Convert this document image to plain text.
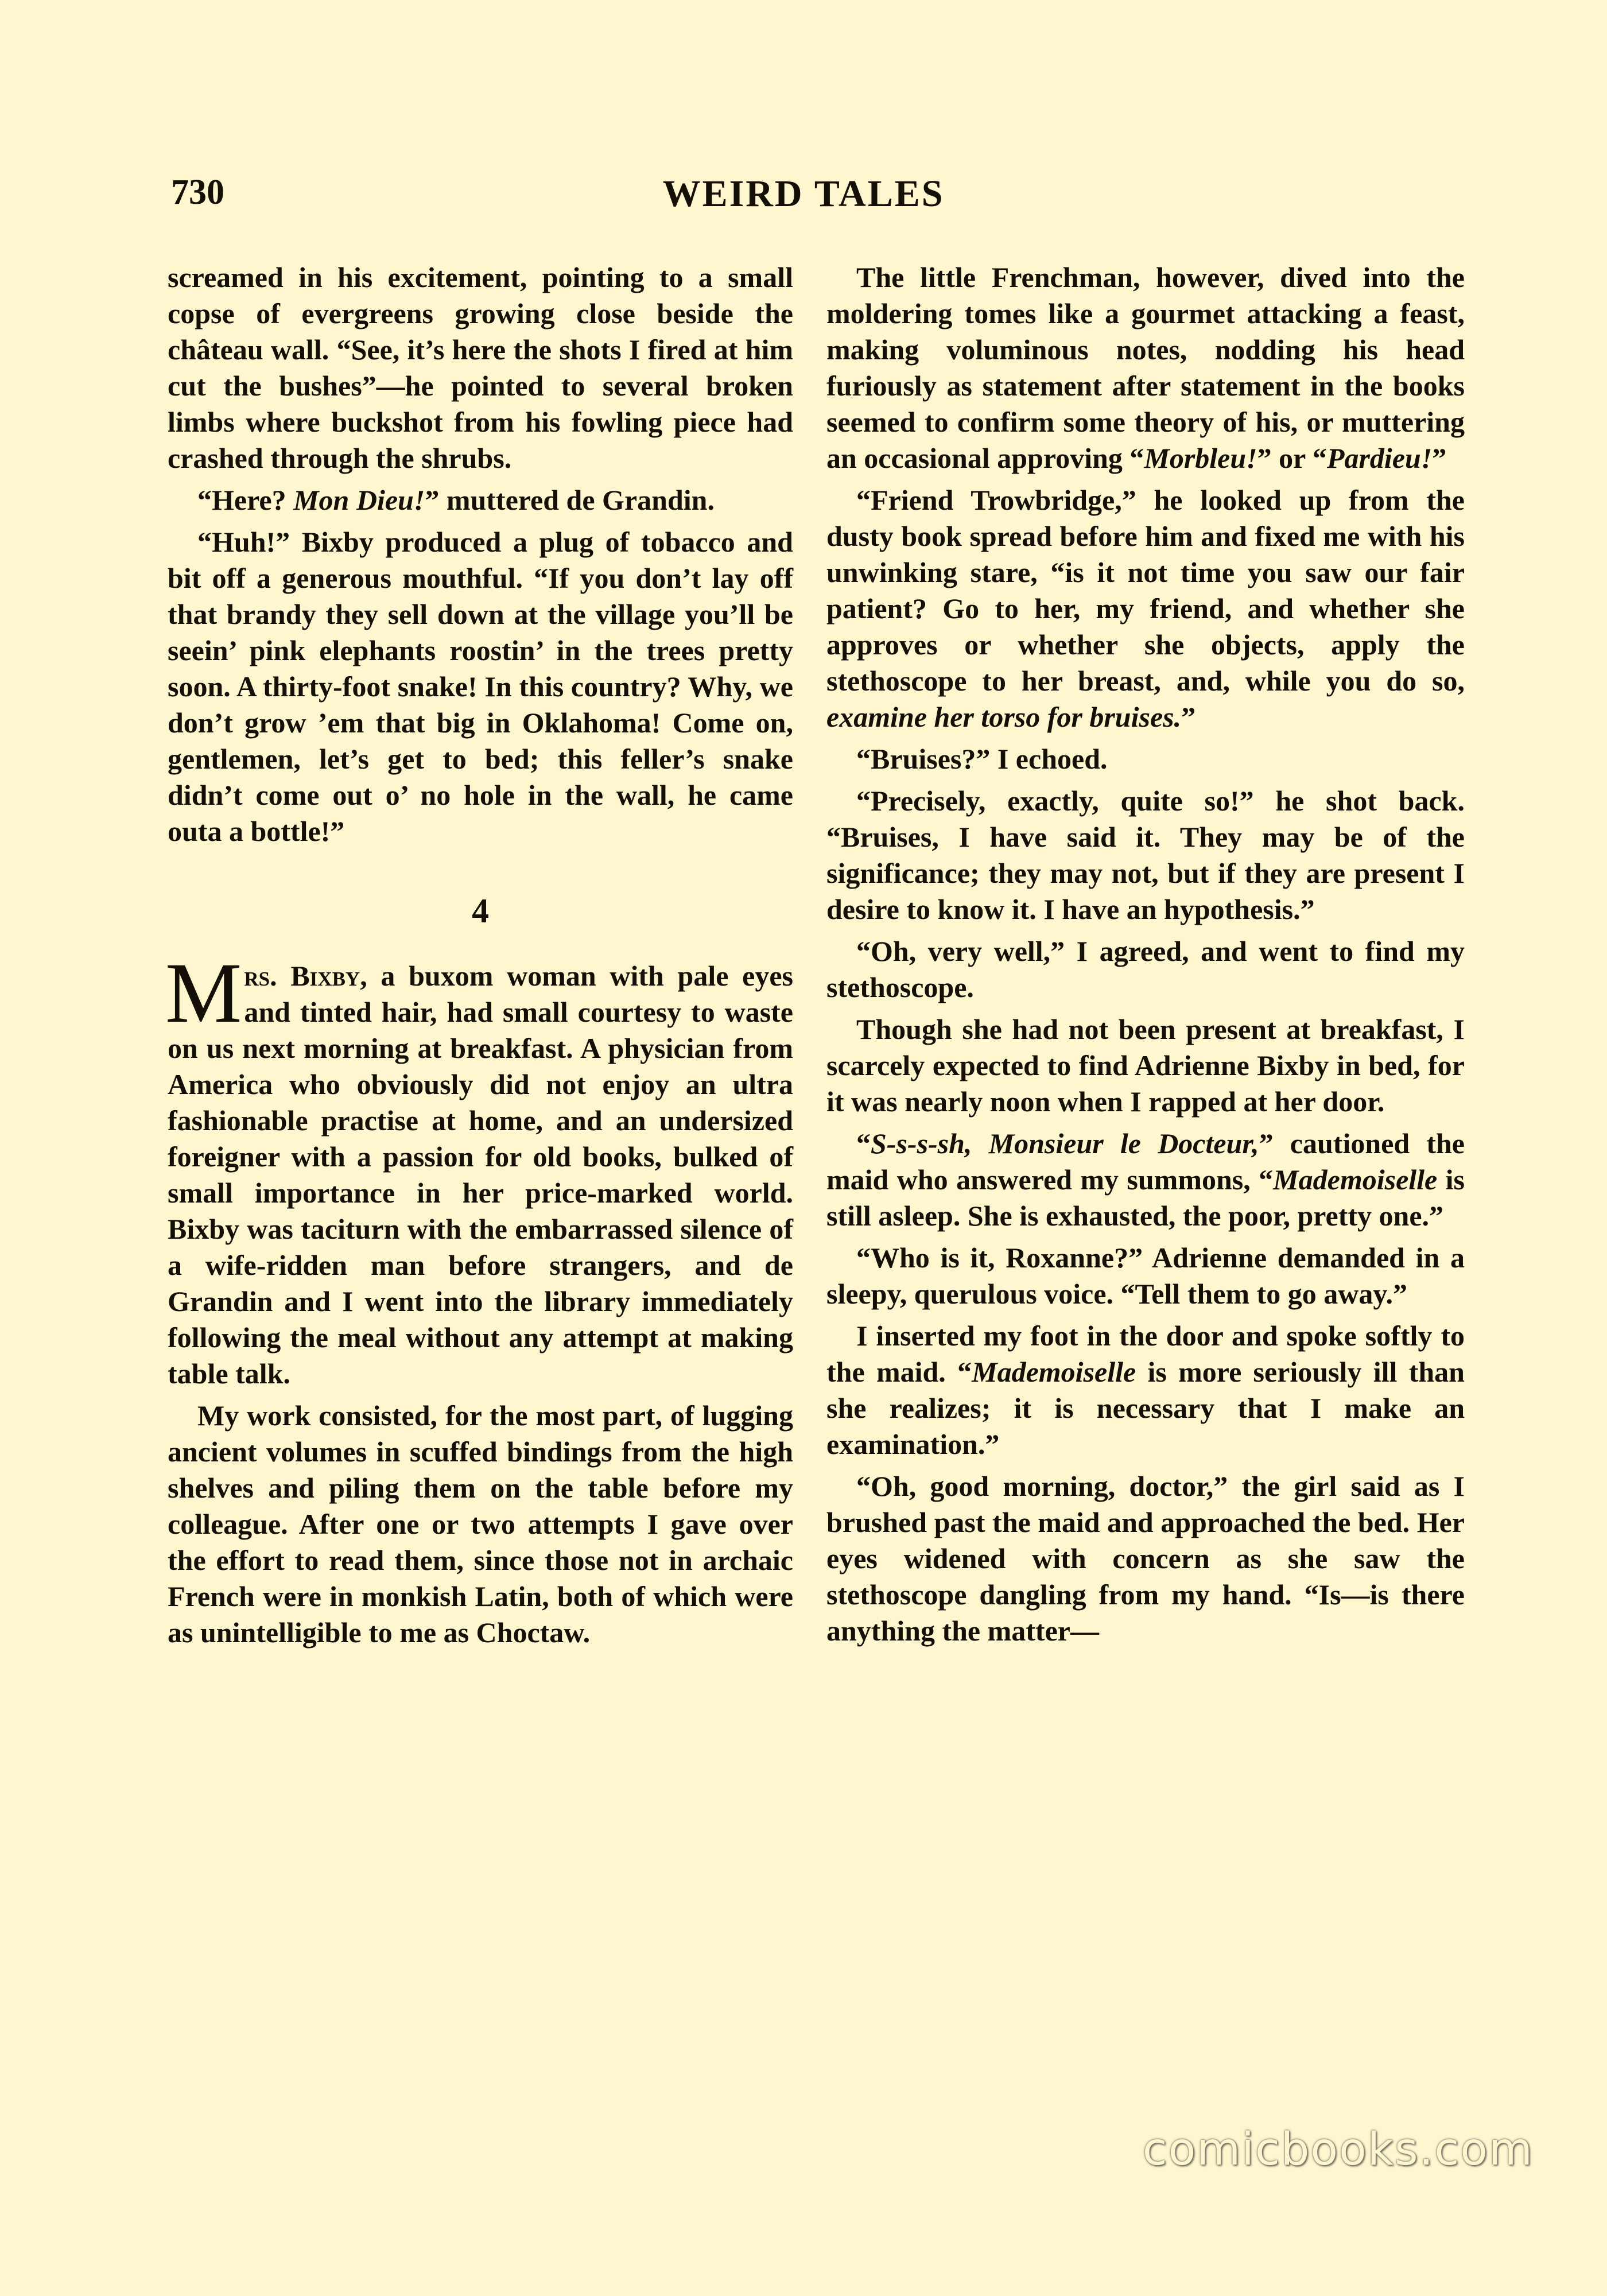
730	WEIRD TALES

screamed in his excitement, pointing to a small copse of evergreens growing close beside the château wall. “See, it’s here the shots I fired at him cut the bushes”—he pointed to several broken limbs where buckshot from his fowling piece had crashed through the shrubs.

“Here? Mon Dieu!” muttered de Grandin.

“Huh!” Bixby produced a plug of tobacco and bit off a generous mouthful. “If you don’t lay off that brandy they sell down at the village you’ll be seein’ pink elephants roostin’ in the trees pretty soon. A thirty-foot snake! In this country? Why, we don’t grow ’em that big in Oklahoma! Come on, gentlemen, let’s get to bed; this feller’s snake didn’t come out o’ no hole in the wall, he came outa a bottle!”

4

Mrs. Bixby, a buxom woman with pale eyes and tinted hair, had small courtesy to waste on us next morning at breakfast. A physician from America who obviously did not enjoy an ultra fashionable practise at home, and an undersized foreigner with a passion for old books, bulked of small importance in her price-marked world. Bixby was taciturn with the embarrassed silence of a wife-ridden man before strangers, and de Grandin and I went into the library immediately following the meal without any attempt at making table talk.

My work consisted, for the most part, of lugging ancient volumes in scuffed bindings from the high shelves and piling them on the table before my colleague. After one or two attempts I gave over the effort to read them, since those not in archaic French were in monkish Latin, both of which were as unintelligible to me as Choctaw.

The little Frenchman, however, dived into the moldering tomes like a gourmet attacking a feast, making voluminous notes, nodding his head furiously as statement after statement in the books seemed to confirm some theory of his, or muttering an occasional approving “Morbleu!” or “Pardieu!”

“Friend Trowbridge,” he looked up from the dusty book spread before him and fixed me with his unwinking stare, “is it not time you saw our fair patient? Go to her, my friend, and whether she approves or whether she objects, apply the stethoscope to her breast, and, while you do so, examine her torso for bruises.”

“Bruises?” I echoed.

“Precisely, exactly, quite so!” he shot back. “Bruises, I have said it. They may be of the significance; they may not, but if they are present I desire to know it. I have an hypothesis.”

“Oh, very well,” I agreed, and went to find my stethoscope.

Though she had not been present at breakfast, I scarcely expected to find Adrienne Bixby in bed, for it was nearly noon when I rapped at her door.

“S-s-s-sh, Monsieur le Docteur,” cautioned the maid who answered my summons, “Mademoiselle is still asleep. She is exhausted, the poor, pretty one.”

“Who is it, Roxanne?” Adrienne demanded in a sleepy, querulous voice. “Tell them to go away.”

I inserted my foot in the door and spoke softly to the maid. “Mademoiselle is more seriously ill than she realizes; it is necessary that I make an examination.”

“Oh, good morning, doctor,” the girl said as I brushed past the maid and approached the bed. Her eyes widened with concern as she saw the stethoscope dangling from my hand. “Is—is there anything the matter—

comicbooks.com
